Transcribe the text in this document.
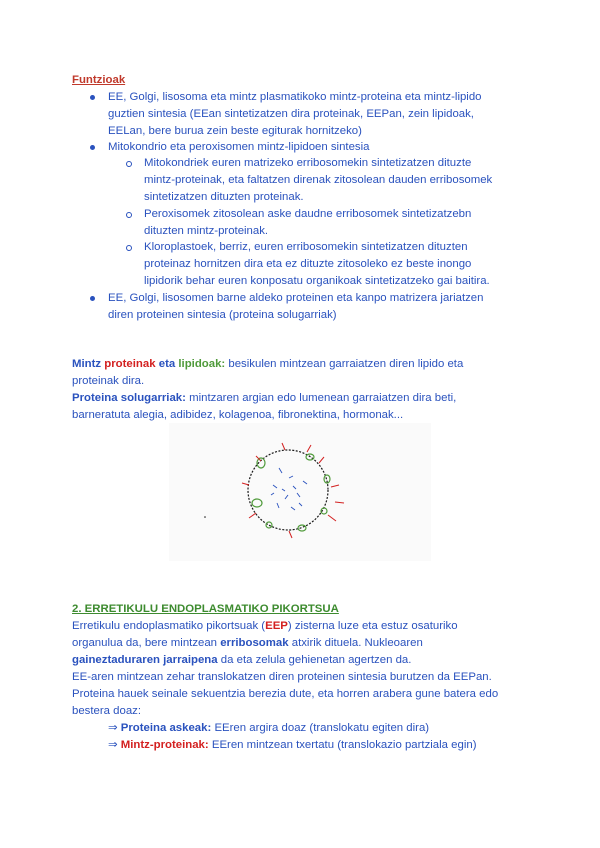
Funtzioak
EE, Golgi, lisosoma eta mintz plasmatikoko mintz-proteina eta mintz-lipido
guztien sintesia (EEan sintetizatzen dira proteinak, EEPan, zein lipidoak,
EELan, bere burua zein beste egiturak hornitzeko)
Mitokondrio eta peroxisomen mintz-lipidoen sintesia
Mitokondriek euren matrizeko erribosomekin sintetizatzen dituzte
mintz-proteinak, eta faltatzen direnak zitosolean dauden erribosomek
sintetizatzen dituzten proteinak.
Peroxisomek zitosolean aske daudne erribosomek sintetizatzebn
dituzten mintz-proteinak.
Kloroplastoek, berriz, euren erribosomekin sintetizatzen dituzten
proteinaz hornitzen dira eta ez dituzte zitosoleko ez beste inongo
lipidorik behar euren konposatu organikoak sintetizatzeko gai baitira.
EE, Golgi, lisosomen barne aldeko proteinen eta kanpo matrizera jariatzen
diren proteinen sintesia (proteina solugarriak)
Mintz proteinak eta lipidoak: besikulen mintzean garraiatzen diren lipido eta
proteinak dira.
Proteina solugarriak: mintzaren argian edo lumenean garraiatzen dira beti,
barneratuta alegia, adibidez, kolagenoa, fibronektina, hormonak...
2. ERRETIKULU ENDOPLASMATIKO PIKORTSUA
Erretikulu endoplasmatiko pikortsuak (EEP) zisterna luze eta estuz osaturiko
organulua da, bere mintzean erribosomak atxirik dituela. Nukleoaren
gaineztaduraren jarraipena da eta zelula gehienetan agertzen da.
EE-aren mintzean zehar translokatzen diren proteinen sintesia burutzen da EEPan.
Proteina hauek seinale sekuentzia berezia dute, eta horren arabera gune batera edo
bestera doaz:
⇒ Proteina askeak: EEren argira doaz (translokatu egiten dira)
⇒ Mintz-proteinak: EEren mintzean txertatu (translokazio partziala egin)
